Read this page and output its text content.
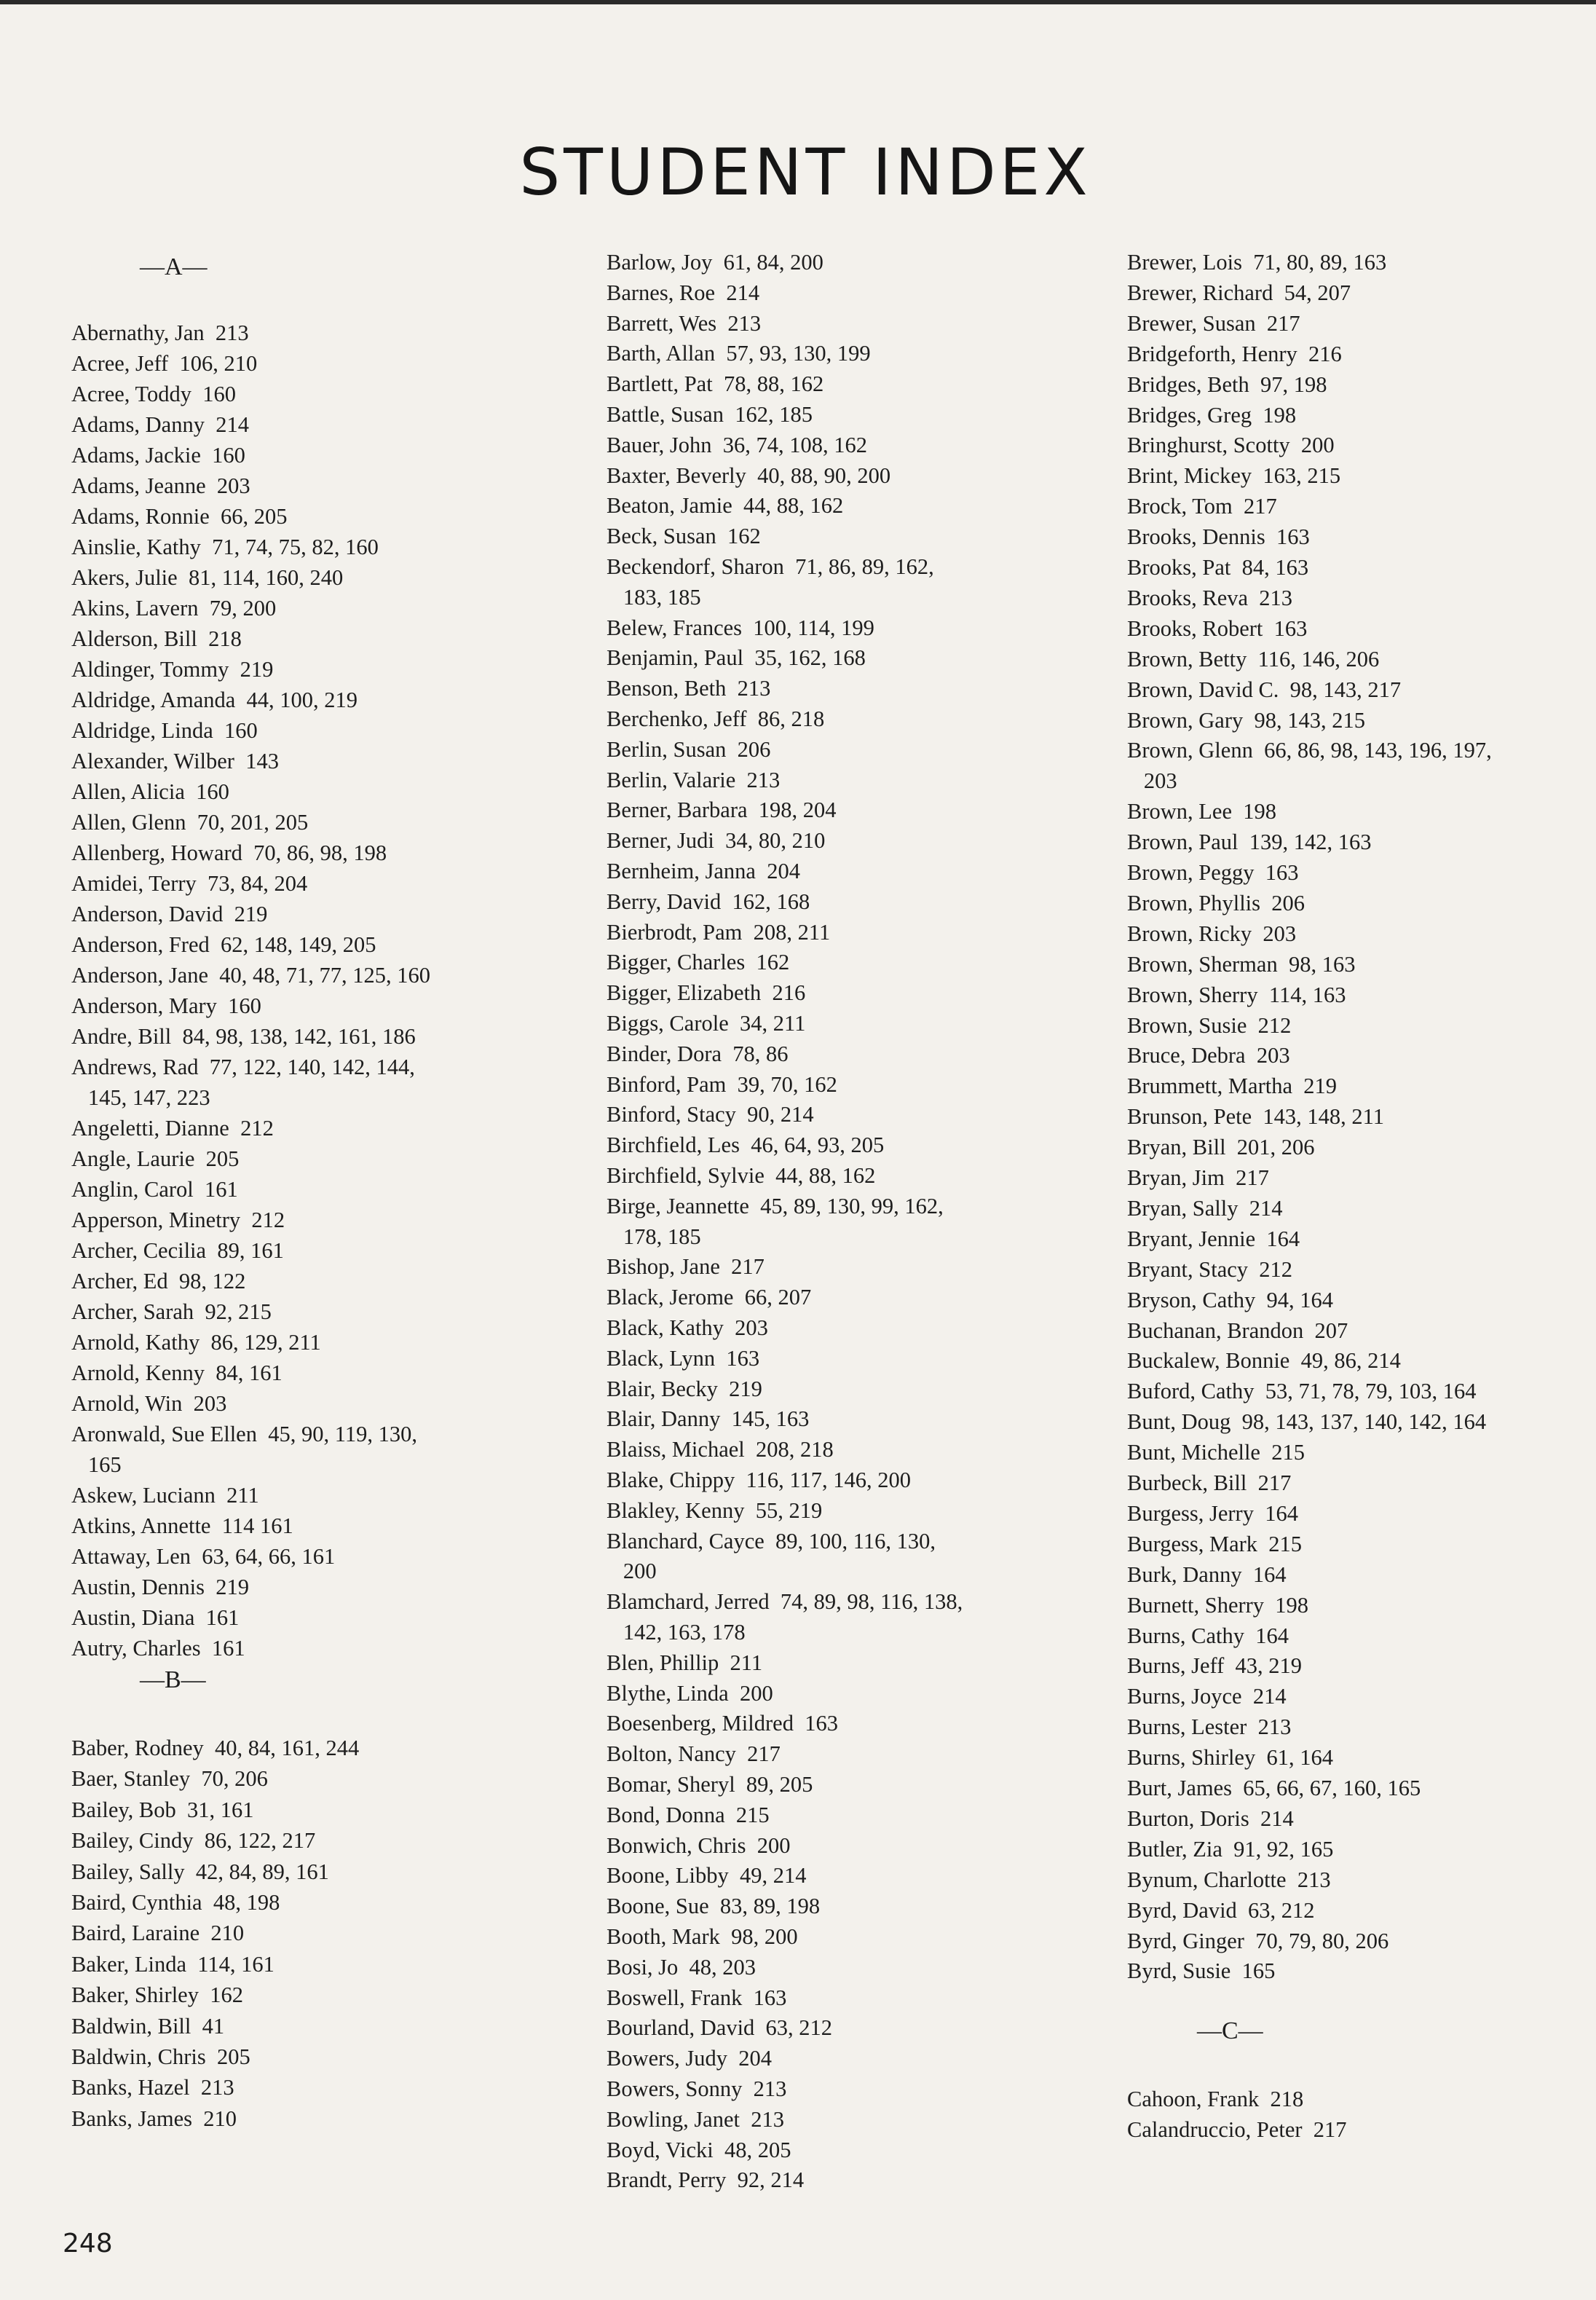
STUDENT INDEX
—A—
Abernathy, Jan  213
Acree, Jeff  106, 210
Acree, Toddy  160
Adams, Danny  214
Adams, Jackie  160
Adams, Jeanne  203
Adams, Ronnie  66, 205
Ainslie, Kathy  71, 74, 75, 82, 160
Akers, Julie  81, 114, 160, 240
Akins, Lavern  79, 200
Alderson, Bill  218
Aldinger, Tommy  219
Aldridge, Amanda  44, 100, 219
Aldridge, Linda  160
Alexander, Wilber  143
Allen, Alicia  160
Allen, Glenn  70, 201, 205
Allenberg, Howard  70, 86, 98, 198
Amidei, Terry  73, 84, 204
Anderson, David  219
Anderson, Fred  62, 148, 149, 205
Anderson, Jane  40, 48, 71, 77, 125, 160
Anderson, Mary  160
Andre, Bill  84, 98, 138, 142, 161, 186
Andrews, Rad  77, 122, 140, 142, 144,
145, 147, 223
Angeletti, Dianne  212
Angle, Laurie  205
Anglin, Carol  161
Apperson, Minetry  212
Archer, Cecilia  89, 161
Archer, Ed  98, 122
Archer, Sarah  92, 215
Arnold, Kathy  86, 129, 211
Arnold, Kenny  84, 161
Arnold, Win  203
Aronwald, Sue Ellen  45, 90, 119, 130,
165
Askew, Luciann  211
Atkins, Annette  114 161
Attaway, Len  63, 64, 66, 161
Austin, Dennis  219
Austin, Diana  161
Autry, Charles  161
—B—
Baber, Rodney  40, 84, 161, 244
Baer, Stanley  70, 206
Bailey, Bob  31, 161
Bailey, Cindy  86, 122, 217
Bailey, Sally  42, 84, 89, 161
Baird, Cynthia  48, 198
Baird, Laraine  210
Baker, Linda  114, 161
Baker, Shirley  162
Baldwin, Bill  41
Baldwin, Chris  205
Banks, Hazel  213
Banks, James  210
Barlow, Joy  61, 84, 200
Barnes, Roe  214
Barrett, Wes  213
Barth, Allan  57, 93, 130, 199
Bartlett, Pat  78, 88, 162
Battle, Susan  162, 185
Bauer, John  36, 74, 108, 162
Baxter, Beverly  40, 88, 90, 200
Beaton, Jamie  44, 88, 162
Beck, Susan  162
Beckendorf, Sharon  71, 86, 89, 162,
183, 185
Belew, Frances  100, 114, 199
Benjamin, Paul  35, 162, 168
Benson, Beth  213
Berchenko, Jeff  86, 218
Berlin, Susan  206
Berlin, Valarie  213
Berner, Barbara  198, 204
Berner, Judi  34, 80, 210
Bernheim, Janna  204
Berry, David  162, 168
Bierbrodt, Pam  208, 211
Bigger, Charles  162
Bigger, Elizabeth  216
Biggs, Carole  34, 211
Binder, Dora  78, 86
Binford, Pam  39, 70, 162
Binford, Stacy  90, 214
Birchfield, Les  46, 64, 93, 205
Birchfield, Sylvie  44, 88, 162
Birge, Jeannette  45, 89, 130, 99, 162,
178, 185
Bishop, Jane  217
Black, Jerome  66, 207
Black, Kathy  203
Black, Lynn  163
Blair, Becky  219
Blair, Danny  145, 163
Blaiss, Michael  208, 218
Blake, Chippy  116, 117, 146, 200
Blakley, Kenny  55, 219
Blanchard, Cayce  89, 100, 116, 130,
200
Blamchard, Jerred  74, 89, 98, 116, 138,
142, 163, 178
Blen, Phillip  211
Blythe, Linda  200
Boesenberg, Mildred  163
Bolton, Nancy  217
Bomar, Sheryl  89, 205
Bond, Donna  215
Bonwich, Chris  200
Boone, Libby  49, 214
Boone, Sue  83, 89, 198
Booth, Mark  98, 200
Bosi, Jo  48, 203
Boswell, Frank  163
Bourland, David  63, 212
Bowers, Judy  204
Bowers, Sonny  213
Bowling, Janet  213
Boyd, Vicki  48, 205
Brandt, Perry  92, 214
Brewer, Lois  71, 80, 89, 163
Brewer, Richard  54, 207
Brewer, Susan  217
Bridgeforth, Henry  216
Bridges, Beth  97, 198
Bridges, Greg  198
Bringhurst, Scotty  200
Brint, Mickey  163, 215
Brock, Tom  217
Brooks, Dennis  163
Brooks, Pat  84, 163
Brooks, Reva  213
Brooks, Robert  163
Brown, Betty  116, 146, 206
Brown, David C.  98, 143, 217
Brown, Gary  98, 143, 215
Brown, Glenn  66, 86, 98, 143, 196, 197,
203
Brown, Lee  198
Brown, Paul  139, 142, 163
Brown, Peggy  163
Brown, Phyllis  206
Brown, Ricky  203
Brown, Sherman  98, 163
Brown, Sherry  114, 163
Brown, Susie  212
Bruce, Debra  203
Brummett, Martha  219
Brunson, Pete  143, 148, 211
Bryan, Bill  201, 206
Bryan, Jim  217
Bryan, Sally  214
Bryant, Jennie  164
Bryant, Stacy  212
Bryson, Cathy  94, 164
Buchanan, Brandon  207
Buckalew, Bonnie  49, 86, 214
Buford, Cathy  53, 71, 78, 79, 103, 164
Bunt, Doug  98, 143, 137, 140, 142, 164
Bunt, Michelle  215
Burbeck, Bill  217
Burgess, Jerry  164
Burgess, Mark  215
Burk, Danny  164
Burnett, Sherry  198
Burns, Cathy  164
Burns, Jeff  43, 219
Burns, Joyce  214
Burns, Lester  213
Burns, Shirley  61, 164
Burt, James  65, 66, 67, 160, 165
Burton, Doris  214
Butler, Zia  91, 92, 165
Bynum, Charlotte  213
Byrd, David  63, 212
Byrd, Ginger  70, 79, 80, 206
Byrd, Susie  165
—C—
Cahoon, Frank  218
Calandruccio, Peter  217
248
